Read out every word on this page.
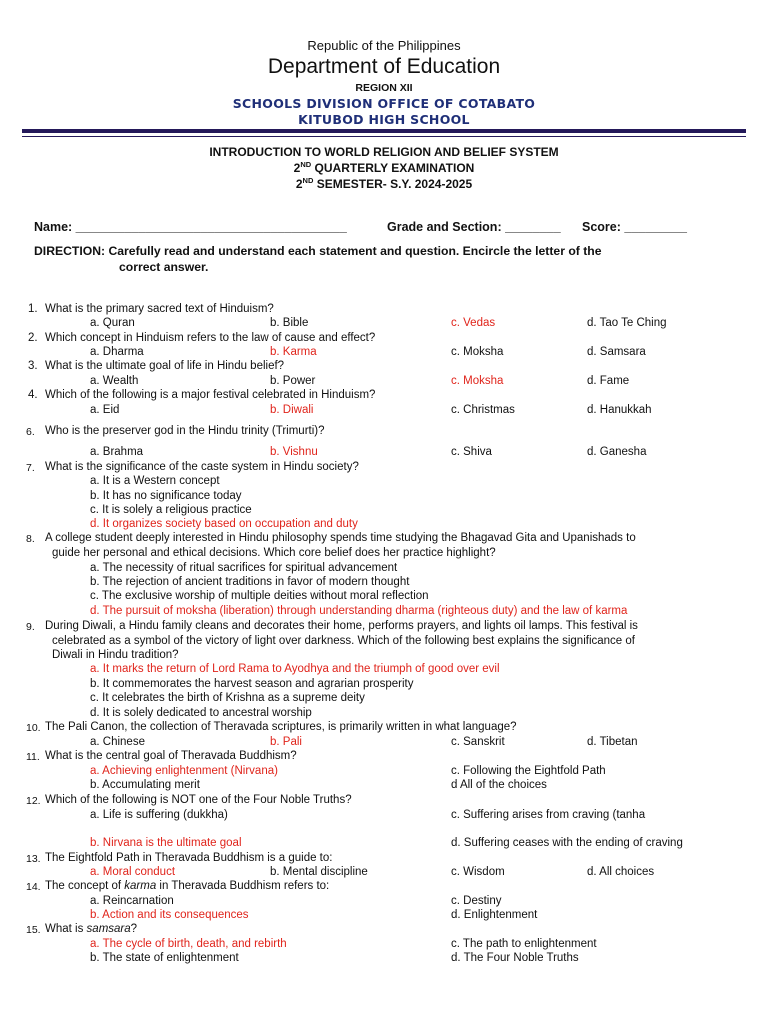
Republic of the Philippines
Department of Education
REGION XII
SCHOOLS DIVISION OFFICE OF COTABATO
KITUBOD HIGH SCHOOL
INTRODUCTION TO WORLD RELIGION AND BELIEF SYSTEM
2ND QUARTERLY EXAMINATION
2ND SEMESTER- S.Y. 2024-2025
Name: _______________________________________	Grade and Section: ________ Score: _________
DIRECTION: Carefully read and understand each statement and question. Encircle the letter of the
correct answer.
1. What is the primary sacred text of Hinduism?
a. Quran	b. Bible	c. Vedas	d. Tao Te Ching
2. Which concept in Hinduism refers to the law of cause and effect?
a. Dharma	b. Karma	c. Moksha	d. Samsara
3. What is the ultimate goal of life in Hindu belief?
a. Wealth	b. Power	c. Moksha	d. Fame
4. Which of the following is a major festival celebrated in Hinduism?
a. Eid	b. Diwali	c. Christmas	d. Hanukkah
6. Who is the preserver god in the Hindu trinity (Trimurti)?
a. Brahma	b. Vishnu	c. Shiva	d. Ganesha
7. What is the significance of the caste system in Hindu society?
a. It is a Western concept
b. It has no significance today
c. It is solely a religious practice
d. It organizes society based on occupation and duty
8. A college student deeply interested in Hindu philosophy spends time studying the Bhagavad Gita and Upanishads to
guide her personal and ethical decisions. Which core belief does her practice highlight?
a. The necessity of ritual sacrifices for spiritual advancement
b. The rejection of ancient traditions in favor of modern thought
c. The exclusive worship of multiple deities without moral reflection
d. The pursuit of moksha (liberation) through understanding dharma (righteous duty) and the law of karma
9. During Diwali, a Hindu family cleans and decorates their home, performs prayers, and lights oil lamps. This festival is
celebrated as a symbol of the victory of light over darkness. Which of the following best explains the significance of
Diwali in Hindu tradition?
a. It marks the return of Lord Rama to Ayodhya and the triumph of good over evil
b. It commemorates the harvest season and agrarian prosperity
c. It celebrates the birth of Krishna as a supreme deity
d. It is solely dedicated to ancestral worship
10. The Pali Canon, the collection of Theravada scriptures, is primarily written in what language?
a. Chinese	b. Pali	c. Sanskrit	d. Tibetan
11. What is the central goal of Theravada Buddhism?
a. Achieving enlightenment (Nirvana)	c. Following the Eightfold Path
b. Accumulating merit	d All of the choices
12. Which of the following is NOT one of the Four Noble Truths?
a. Life is suffering (dukkha)	c. Suffering arises from craving (tanha
b. Nirvana is the ultimate goal	d. Suffering ceases with the ending of craving
13. The Eightfold Path in Theravada Buddhism is a guide to:
a. Moral conduct	b. Mental discipline	c. Wisdom	d. All choices
14. The concept of karma in Theravada Buddhism refers to:
a. Reincarnation	c. Destiny
b. Action and its consequences	d. Enlightenment
15. What is samsara?
a. The cycle of birth, death, and rebirth	c. The path to enlightenment
b. The state of enlightenment	d. The Four Noble Truths
